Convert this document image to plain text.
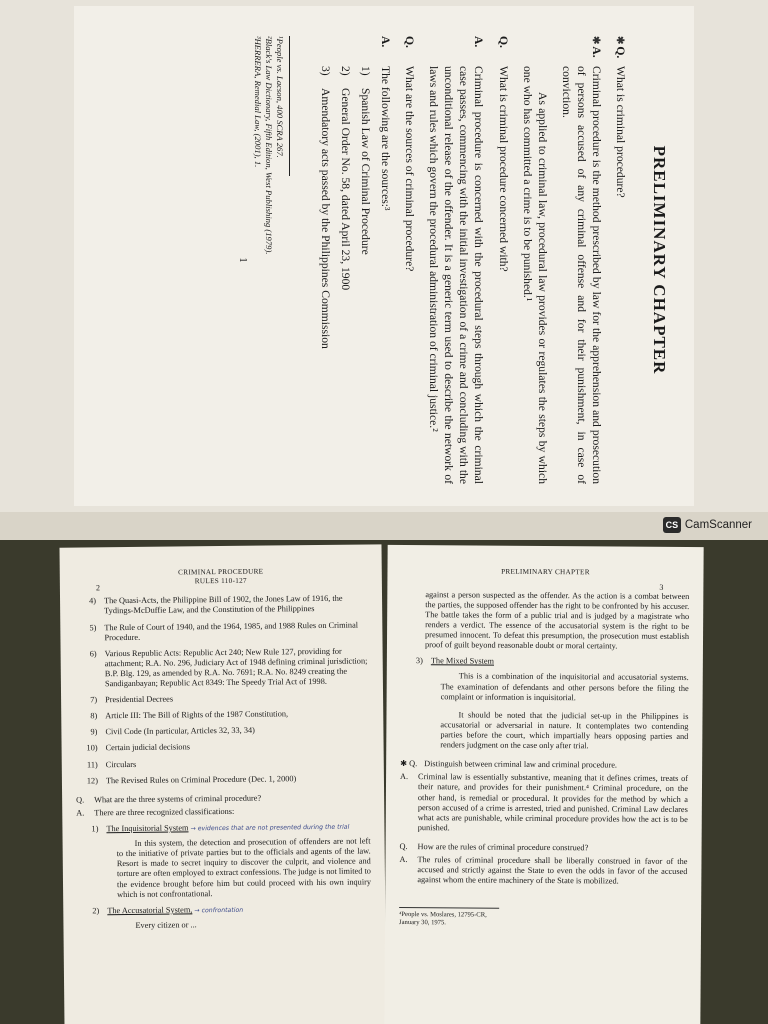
PRELIMINARY CHAPTER
✱Q.
What is criminal procedure?
✱A.
Criminal procedure is the method prescribed by law for the apprehension and prosecution of persons accused of any criminal offense and for their punishment, in case of conviction.
As applied to criminal law, procedural law provides or regulates the steps by which one who has committed a crime is to be punished.¹
Q.
What is criminal procedure concerned with?
A.
Criminal procedure is concerned with the procedural steps through which the criminal case passes, commencing with the initial investigation of a crime and concluding with the unconditional release of the offender. It is a generic term used to describe the network of laws and rules which govern the procedural administration of criminal justice.²
Q.
What are the sources of criminal procedure?
A.
The following are the sources:³
1)
Spanish Law of Criminal Procedure
2)
General Order No. 58, dated April 23, 1900
3)
Amendatory acts passed by the Philippines Commission
¹People vs. Lacson, 400 SCRA 267.
²Black's Law Dictionary, Fifth Edition, West Publishing (1979).
³HERRERA, Remedial Law, (2001), 1.
1
CS CamScanner
2
CRIMINAL PROCEDURE
RULES 110-127
4) The Quasi-Acts, the Philippine Bill of 1902, the Jones Law of 1916, the Tydings-McDuffie Law, and the Constitution of the Philippines
5) The Rule of Court of 1940, and the 1964, 1985, and 1988 Rules on Criminal Procedure.
6) Various Republic Acts: Republic Act 240; New Rule 127, providing for attachment; R.A. No. 296, Judiciary Act of 1948 defining criminal jurisdiction; B.P. Blg. 129, as amended by R.A. No. 7691; R.A. No. 8249 creating the Sandiganbayan; Republic Act 8349: The Speedy Trial Act of 1998.
7) Presidential Decrees
8) Article III: The Bill of Rights of the 1987 Constitution,
9) Civil Code (In particular, Articles 32, 33, 34)
10) Certain judicial decisions
11) Circulars
12) The Revised Rules on Criminal Procedure (Dec. 1, 2000)
Q.	What are the three systems of criminal procedure?
A.	There are three recognized classifications:
1) The Inquisitorial System → evidences that are not presented during the trial
In this system, the detection and prosecution of offenders are not left to the initiative of private parties but to the officials and agents of the law. Resort is made to secret inquiry to discover the culprit, and violence and torture are often employed to extract confessions. The judge is not limited to the evidence brought before him but could proceed with his own inquiry which is not confrontational.
2) The Accusatorial System, → confrontation
Every citizen or ...
3
PRELIMINARY CHAPTER
against a person suspected as the offender. As the action is a combat between the parties, the supposed offender has the right to be confronted by his accuser. The battle takes the form of a public trial and is judged by a magistrate who renders a verdict. The essence of the accusatorial system is the right to be presumed innocent. To defeat this presumption, the prosecution must establish proof of guilt beyond reasonable doubt or moral certainty.
3) The Mixed System
This is a combination of the inquisitorial and accusatorial systems. The examination of defendants and other persons before the filing the complaint or information is inquisitorial.
It should be noted that the judicial set-up in the Philippines is accusatorial or adversarial in nature. It contemplates two contending parties before the court, which impartially hears opposing parties and renders judgment on the case only after trial.
✱ Q. Distinguish between criminal law and criminal procedure.
A.	Criminal law is essentially substantive, meaning that it defines crimes, treats of their nature, and provides for their punishment.⁴ Criminal procedure, on the other hand, is remedial or procedural. It provides for the method by which a person accused of a crime is arrested, tried and punished. Criminal Law declares what acts are punishable, while criminal procedure provides how the act is to be punished.
Q.	How are the rules of criminal procedure construed?
A.	The rules of criminal procedure shall be liberally construed in favor of the accused and strictly against the State to even the odds in favor of the accused against whom the entire machinery of the State is mobilized.
⁴People vs. Moslares, 12795-CR, January 30, 1975.
